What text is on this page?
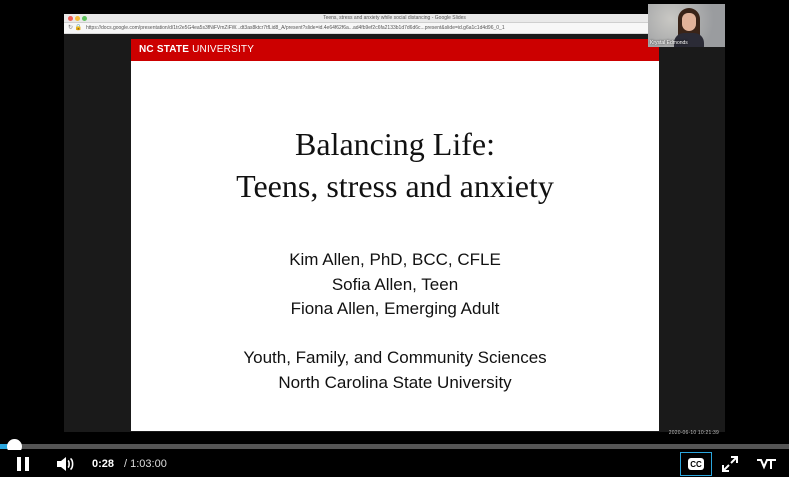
Teens, stress and anxiety while social distancing - Google Slides
↻ 🔒 https://docs.google.com/presentation/d/1tr2e5G4ea5s3fNiFVmZiFW...dt3as8ktcr7tfLid8_A/present?slide=id.4e64f62f6a...ad4fb9ef2c6fa2133b1d7d6d6c...present&slide=id.g6a1c1d4d96_0_1
2020-06-10 10:21:39
NC STATE UNIVERSITY
Balancing Life:
Teens, stress and anxiety
Kim Allen, PhD, BCC, CFLE
Sofia Allen, Teen
Fiona Allen, Emerging Adult
Youth, Family, and Community Sciences
North Carolina State University
Krystal Edmonds
0:28 / 1:03:00	CC
